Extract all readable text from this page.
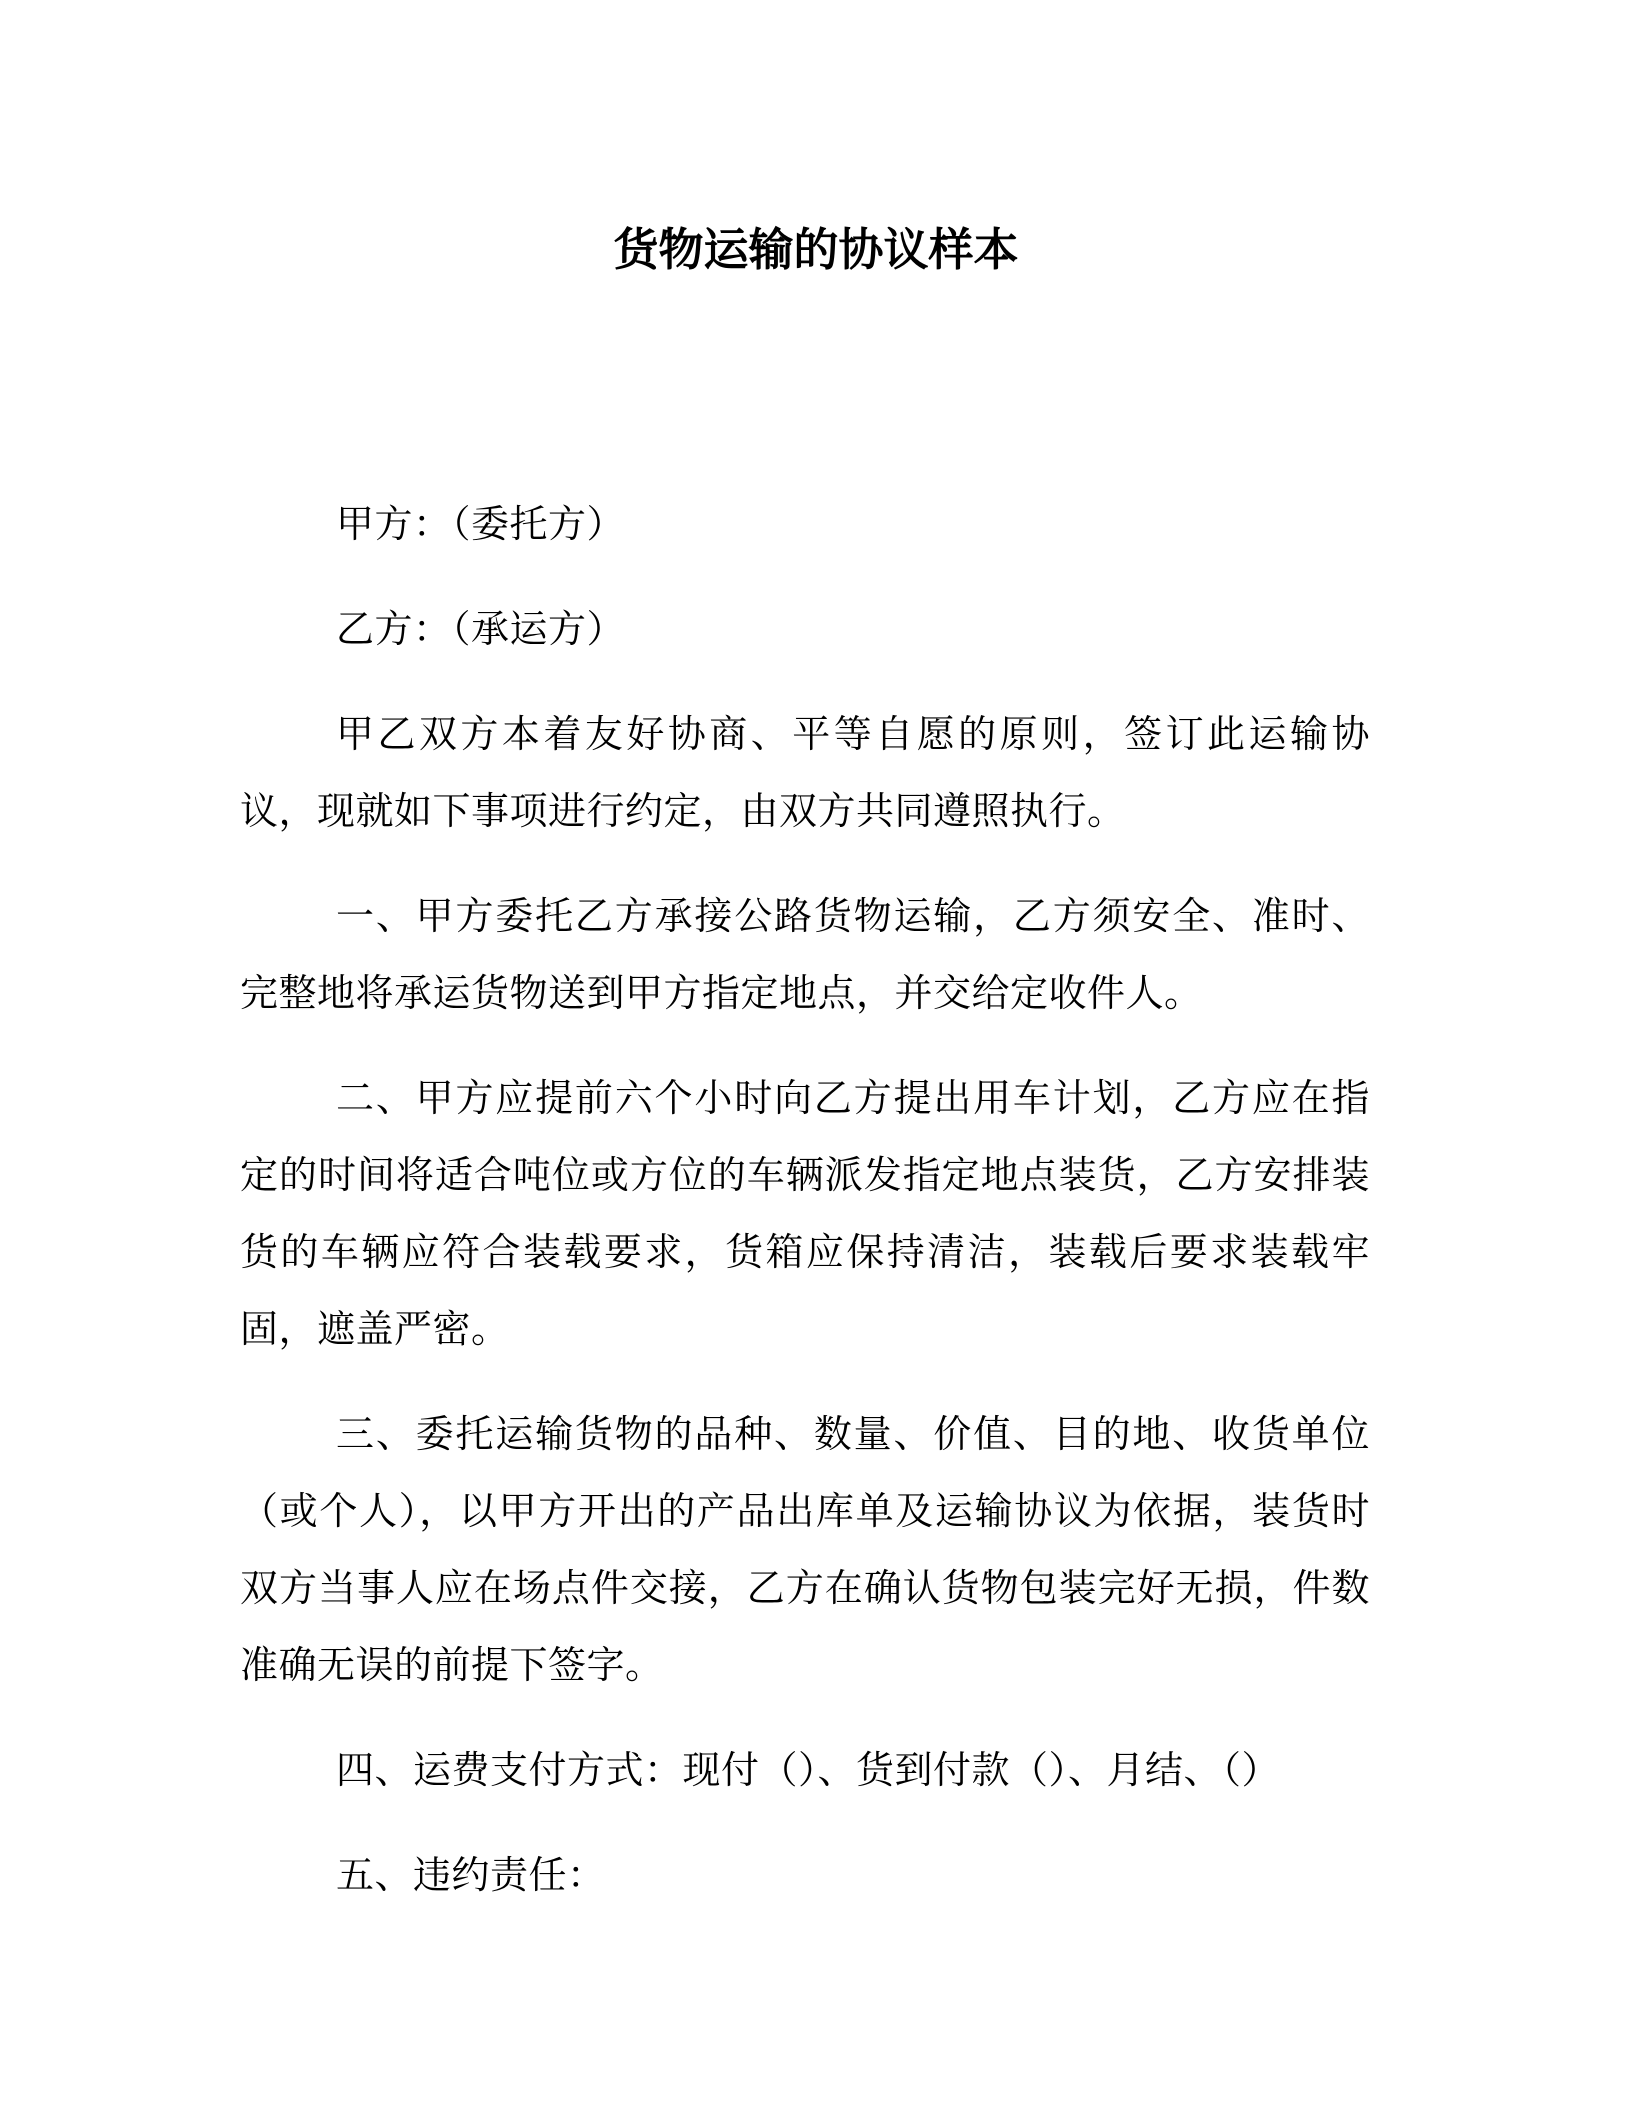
货物运输的协议样本

甲方：（委托方）

乙方：（承运方）

甲乙双方本着友好协商、平等自愿的原则，签订此运输协议，现就如下事项进行约定，由双方共同遵照执行。

一、甲方委托乙方承接公路货物运输，乙方须安全、准时、完整地将承运货物送到甲方指定地点，并交给定收件人。

二、甲方应提前六个小时向乙方提出用车计划，乙方应在指定的时间将适合吨位或方位的车辆派发指定地点装货，乙方安排装货的车辆应符合装载要求，货箱应保持清洁，装载后要求装载牢固，遮盖严密。

三、委托运输货物的品种、数量、价值、目的地、收货单位（或个人），以甲方开出的产品出库单及运输协议为依据，装货时双方当事人应在场点件交接，乙方在确认货物包装完好无损，件数准确无误的前提下签字。

四、运费支付方式：现付（）、货到付款（）、月结、（）

五、违约责任：
